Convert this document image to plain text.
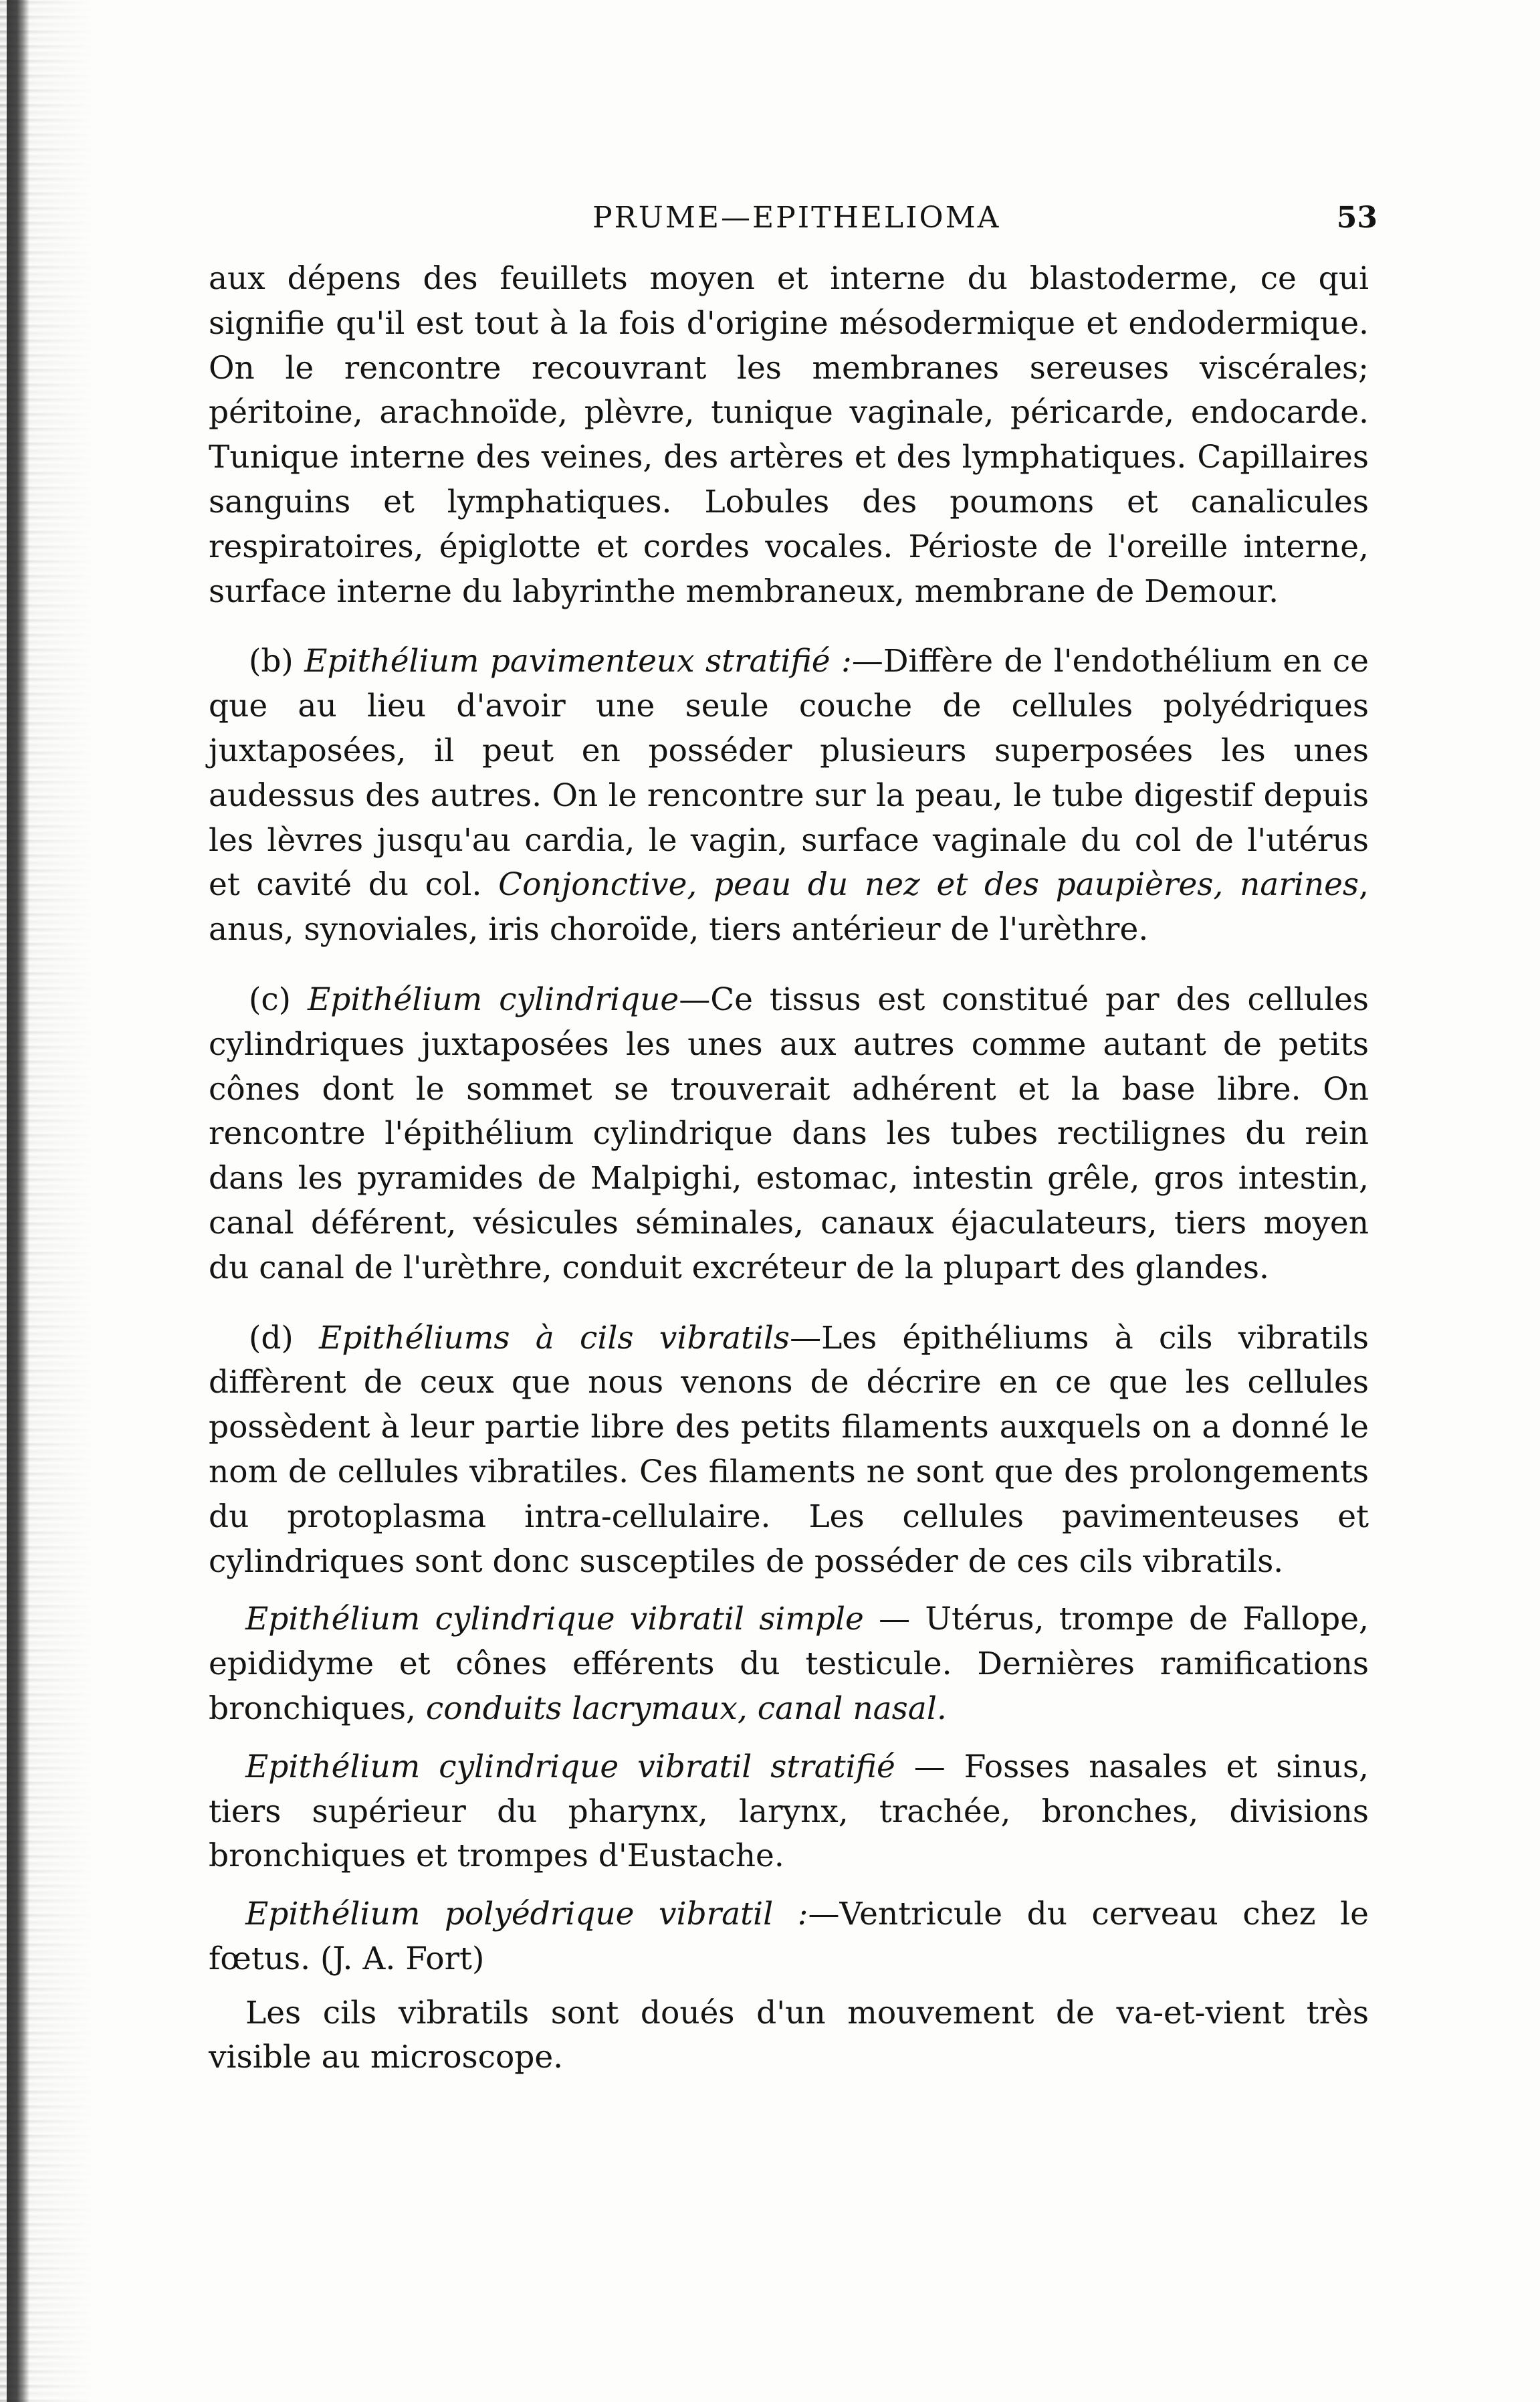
PRUME—EPITHELIOMA	53

aux dépens des feuillets moyen et interne du blastoderme, ce qui signifie qu'il est tout à la fois d'origine mésodermique et endodermique. On le rencontre recouvrant les membranes sereuses viscérales; péritoine, arachnoïde, plèvre, tunique vaginale, péricarde, endocarde. Tunique interne des veines, des artères et des lymphatiques. Capillaires sanguins et lymphatiques. Lobules des poumons et canalicules respiratoires, épiglotte et cordes vocales. Périoste de l'oreille interne, surface interne du labyrinthe membraneux, membrane de Demour.

(b) Epithélium pavimenteux stratifié :—Diffère de l'endothélium en ce que au lieu d'avoir une seule couche de cellules polyédriques juxtaposées, il peut en posséder plusieurs superposées les unes audessus des autres. On le rencontre sur la peau, le tube digestif depuis les lèvres jusqu'au cardia, le vagin, surface vaginale du col de l'utérus et cavité du col. Conjonctive, peau du nez et des paupières, narines, anus, synoviales, iris choroïde, tiers antérieur de l'urèthre.

(c) Epithélium cylindrique—Ce tissus est constitué par des cellules cylindriques juxtaposées les unes aux autres comme autant de petits cônes dont le sommet se trouverait adhérent et la base libre. On rencontre l'épithélium cylindrique dans les tubes rectilignes du rein dans les pyramides de Malpighi, estomac, intestin grêle, gros intestin, canal déférent, vésicules séminales, canaux éjaculateurs, tiers moyen du canal de l'urèthre, conduit excréteur de la plupart des glandes.

(d) Epithéliums à cils vibratils—Les épithéliums à cils vibratils diffèrent de ceux que nous venons de décrire en ce que les cellules possèdent à leur partie libre des petits filaments auxquels on a donné le nom de cellules vibratiles. Ces filaments ne sont que des prolongements du protoplasma intra-cellulaire. Les cellules pavimenteuses et cylindriques sont donc susceptiles de posséder de ces cils vibratils.

Epithélium cylindrique vibratil simple — Utérus, trompe de Fallope, epididyme et cônes efférents du testicule. Dernières ramifications bronchiques, conduits lacrymaux, canal nasal.

Epithélium cylindrique vibratil stratifié — Fosses nasales et sinus, tiers supérieur du pharynx, larynx, trachée, bronches, divisions bronchiques et trompes d'Eustache.

Epithélium polyédrique vibratil :—Ventricule du cerveau chez le fœtus. (J. A. Fort)

Les cils vibratils sont doués d'un mouvement de va-et-vient très visible au microscope.
